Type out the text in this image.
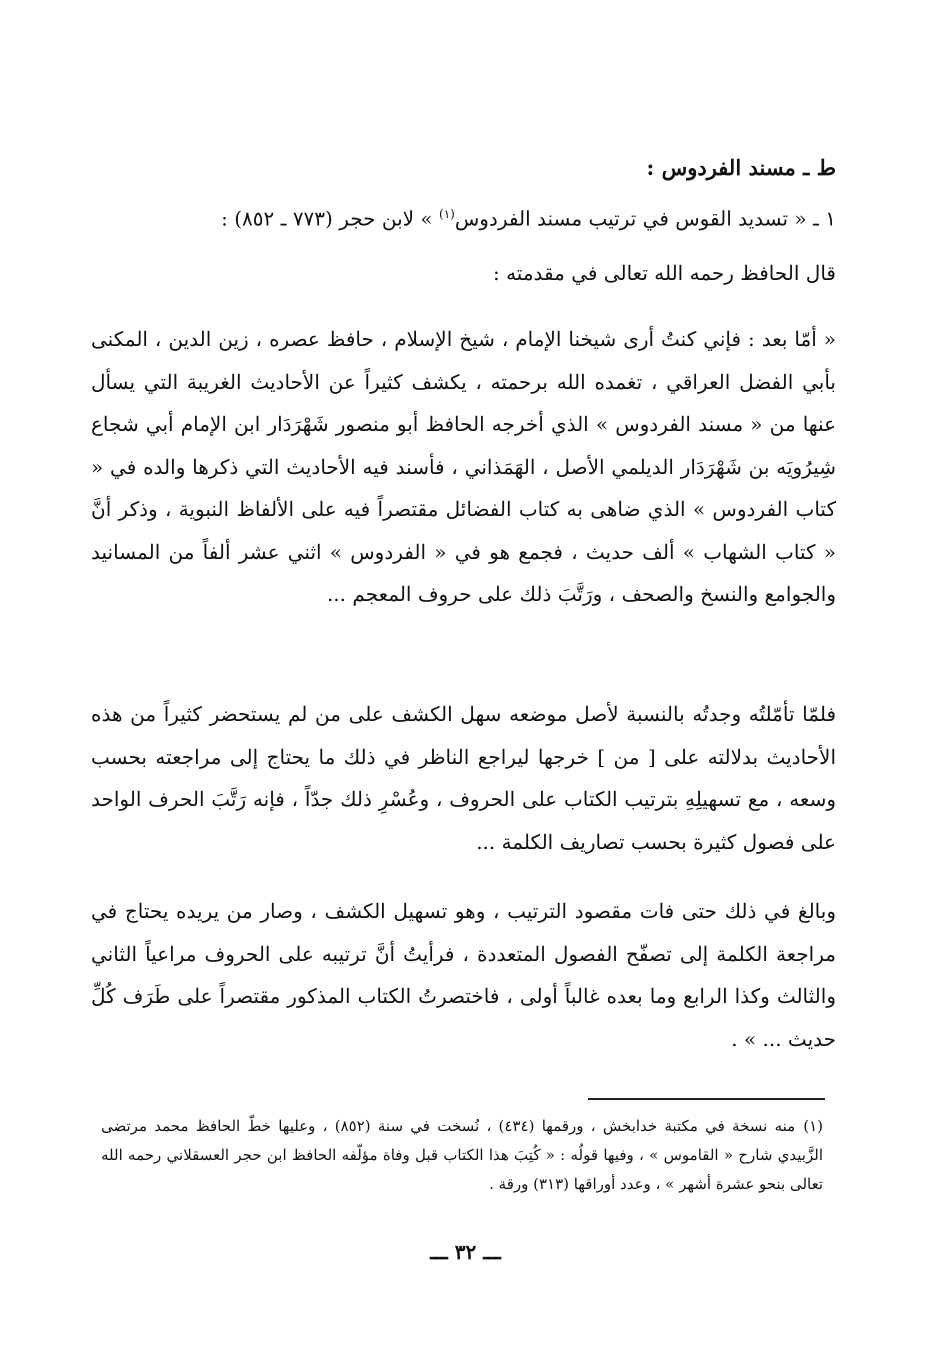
ط ـ مسند الفردوس :
١ ـ « تسديد القوس في ترتيب مسند الفردوس$^{(١)}$ » لابن حجر (٧٧٣ ـ ٨٥٢) :
قال الحافظ رحمه الله تعالى في مقدمته :
« أمّا بعد : فإني كنتُ أرى شيخنا الإمام ، شيخ الإسلام ، حافظ عصره ، زين الدين ، المكنى بأبي الفضل العراقي ، تغمده الله برحمته ، يكشف كثيراً عن الأحاديث الغريبة التي يسأل عنها من « مسند الفردوس » الذي أخرجه الحافظ أبو منصور شَهْرَدَار ابن الإمام أبي شجاع شِيرُويَه بن شَهْرَدَار الديلمي الأصل ، الهَمَذاني ، فأسند فيه الأحاديث التي ذكرها والده في « كتاب الفردوس » الذي ضاهى به كتاب الفضائل مقتصراً فيه على الألفاظ النبوية ، وذكر أنَّ « كتاب الشهاب » ألف حديث ، فجمع هو في « الفردوس » اثني عشر ألفاً من المسانيد والجوامع والنسخ والصحف ، ورَتَّبَ ذلك على حروف المعجم ...
فلمّا تأمّلتُه وجدتُه بالنسبة لأصل موضعه سهل الكشف على من لم يستحضر كثيراً من هذه الأحاديث بدلالته على [ من ] خرجها ليراجع الناظر في ذلك ما يحتاج إلى مراجعته بحسب وسعه ، مع تسهيلِهِ بترتيب الكتاب على الحروف ، وعُسْرِ ذلك جدّاً ، فإنه رَتَّبَ الحرف الواحد على فصول كثيرة بحسب تصاريف الكلمة ...
وبالغ في ذلك حتى فات مقصود الترتيب ، وهو تسهيل الكشف ، وصار من يريده يحتاج في مراجعة الكلمة إلى تصفّح الفصول المتعددة ، فرأيتُ أنَّ ترتيبه على الحروف مراعياً الثاني والثالث وكذا الرابع وما بعده غالباً أولى ، فاختصرتُ الكتاب المذكور مقتصراً على طَرَف كُلِّ حديث ... » .
(١)منه نسخة في مكتبة خدابخش ، ورقمها (٤٣٤) ، نُسخت في سنة (٨٥٢) ، وعليها خطّ الحافظ محمد مرتضى الزَّبيدي شارح « القاموس » ، وفيها قولُه : « كُتِبَ هذا الكتاب قبل وفاة مؤلّفه الحافظ ابن حجر العسقلاني رحمه الله تعالى بنحو عشرة أشهر » ، وعدد أوراقها (٣١٣) ورقة .
ـــ ٣٢ ـــ
